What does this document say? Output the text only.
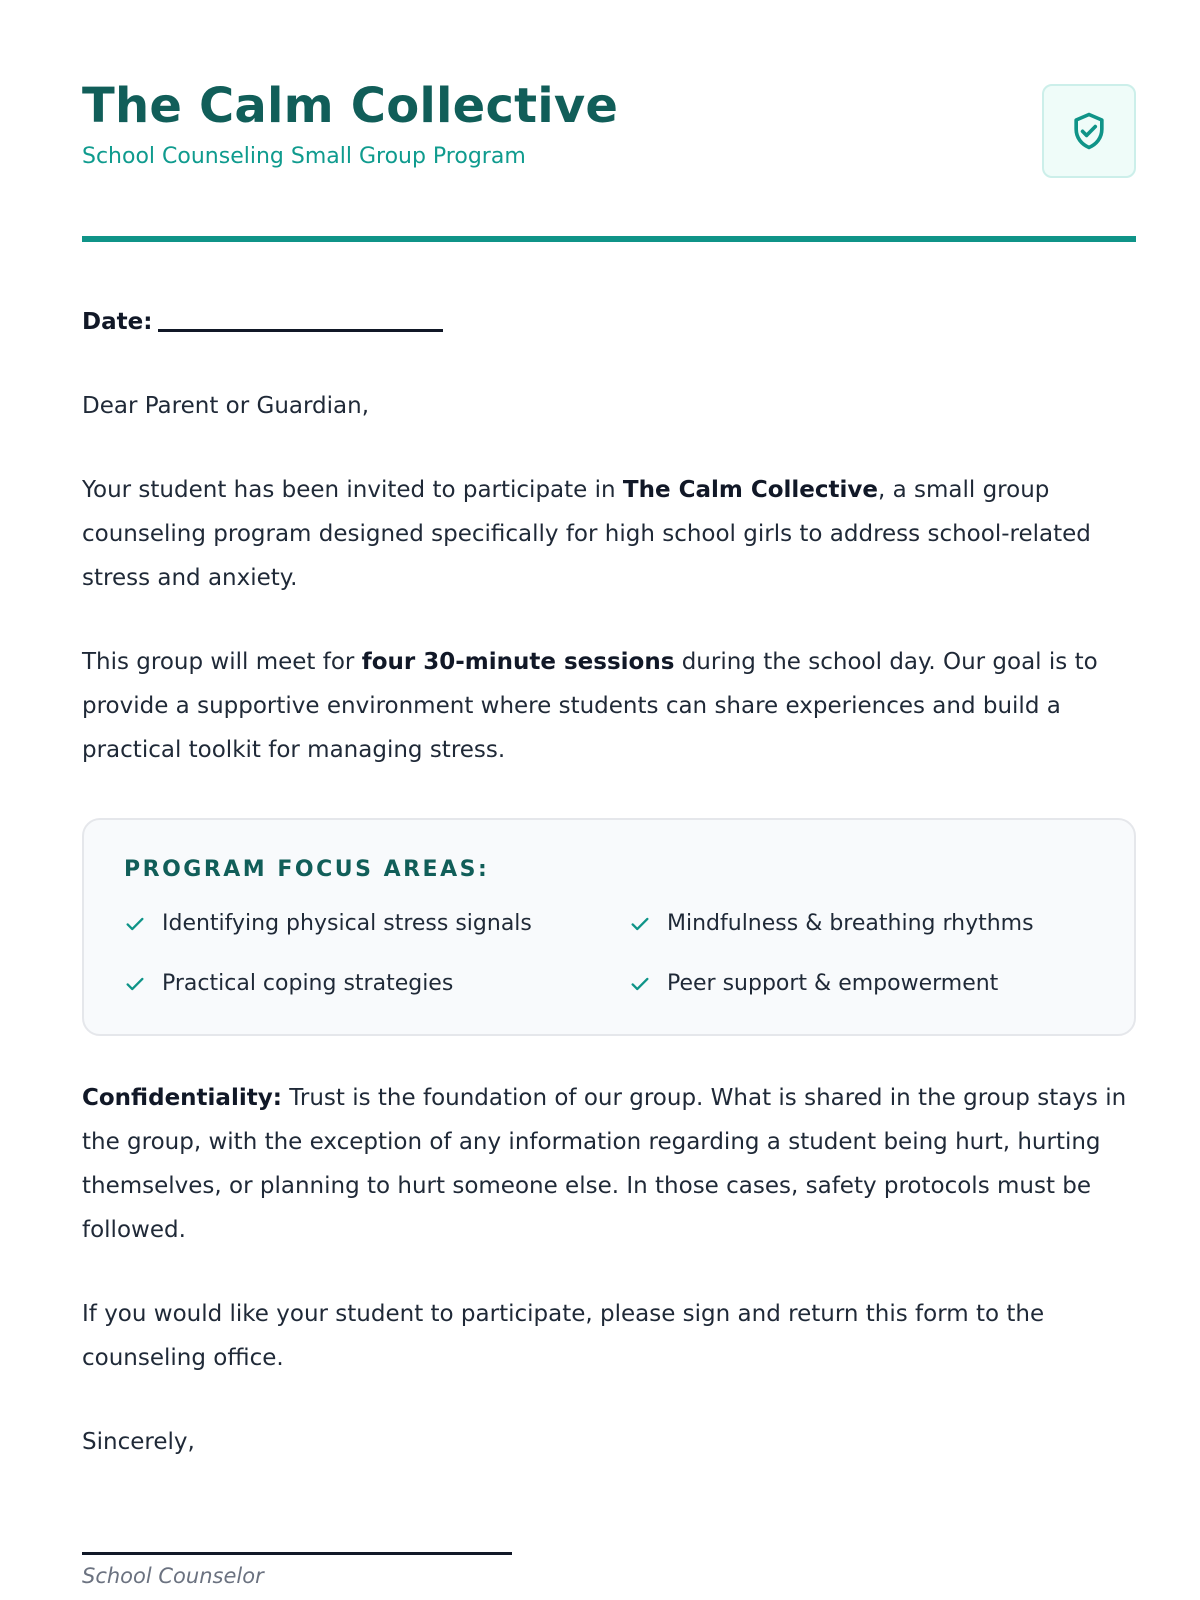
The Calm Collective
School Counseling Small Group Program

Date:

Dear Parent or Guardian,

Your student has been invited to participate in The Calm Collective, a small group counseling program designed specifically for high school girls to address school-related stress and anxiety.

This group will meet for four 30-minute sessions during the school day. Our goal is to provide a supportive environment where students can share experiences and build a practical toolkit for managing stress.

PROGRAM FOCUS AREAS:
Identifying physical stress signals	Mindfulness & breathing rhythms
Practical coping strategies	Peer support & empowerment

Confidentiality: Trust is the foundation of our group. What is shared in the group stays in the group, with the exception of any information regarding a student being hurt, hurting themselves, or planning to hurt someone else. In those cases, safety protocols must be followed.

If you would like your student to participate, please sign and return this form to the counseling office.

Sincerely,

School Counselor
